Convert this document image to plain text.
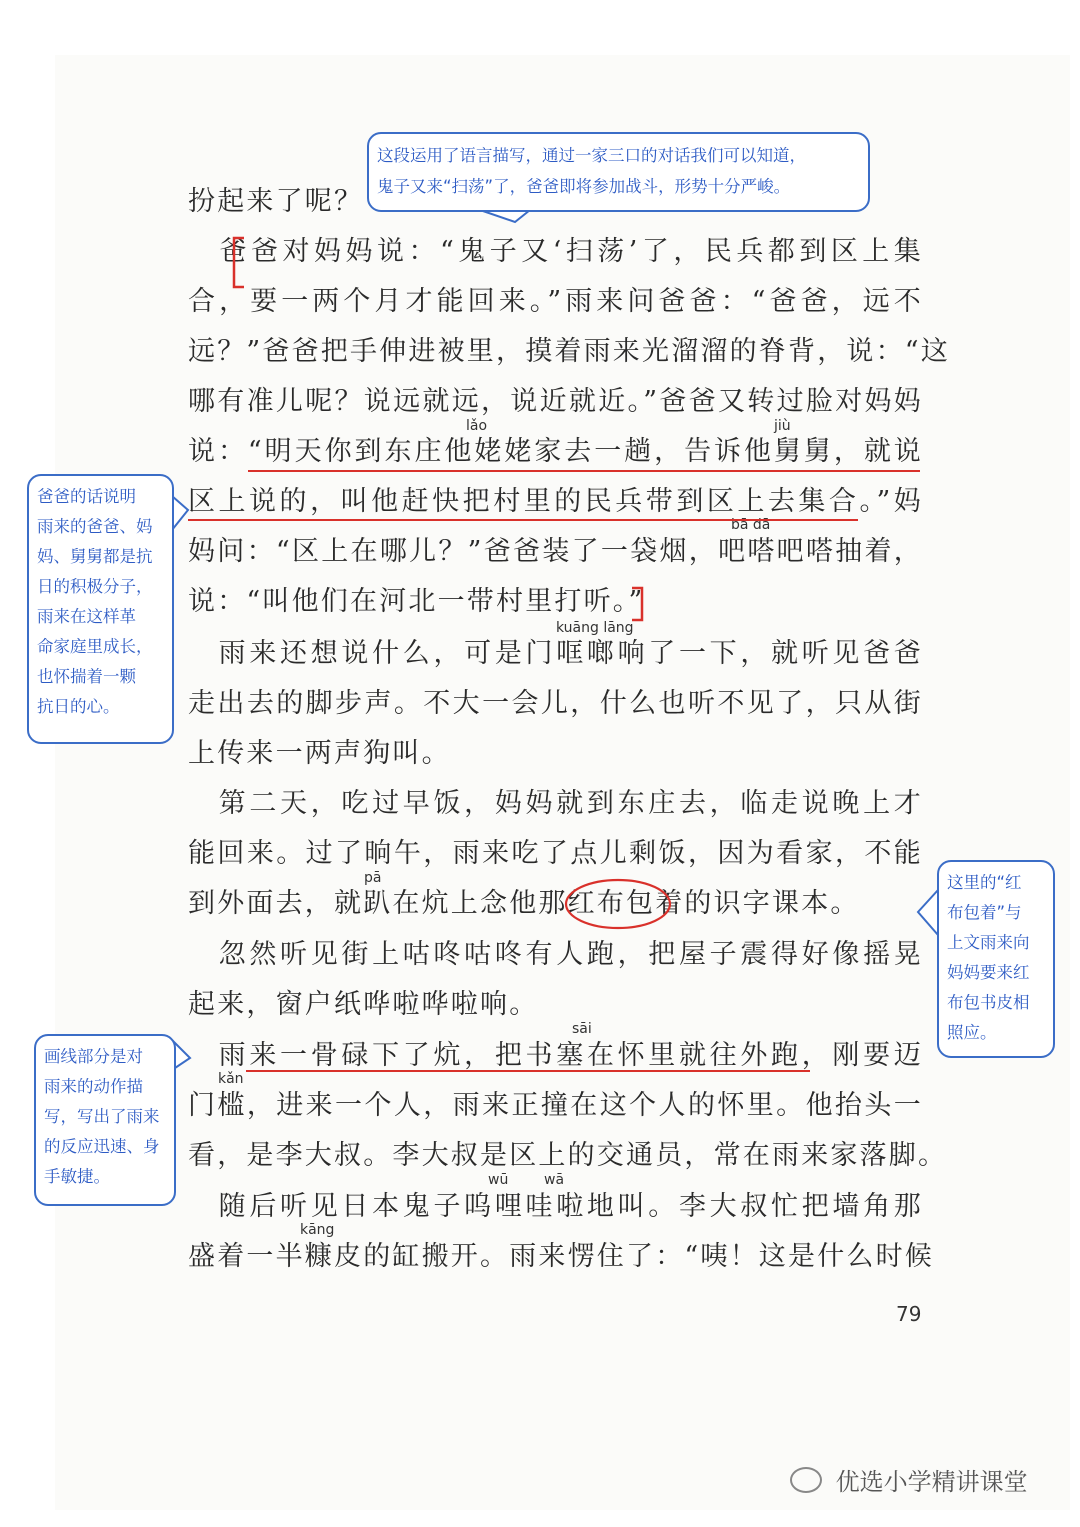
扮起来了呢？
　爸爸对妈妈说：“鬼子又‘扫荡’了，民兵都到区上集
合，要一两个月才能回来。”雨来问爸爸：“爸爸，远不
远？”爸爸把手伸进被里，摸着雨来光溜溜的脊背，说：“这
哪有准儿呢？说远就远，说近就近。”爸爸又转过脸对妈妈
说：“明天你到东庄他姥姥家去一趟，告诉他舅舅，就说
区上说的，叫他赶快把村里的民兵带到区上去集合。”妈
妈问：“区上在哪儿？”爸爸装了一袋烟，吧嗒吧嗒抽着，
说：“叫他们在河北一带村里打听。”
　雨来还想说什么，可是门哐啷响了一下，就听见爸爸
走出去的脚步声。不大一会儿，什么也听不见了，只从街
上传来一两声狗叫。
　第二天，吃过早饭，妈妈就到东庄去，临走说晚上才
能回来。过了晌午，雨来吃了点儿剩饭，因为看家，不能
到外面去，就趴在炕上念他那红布包着的识字课本。
　忽然听见街上咕咚咕咚有人跑，把屋子震得好像摇晃
起来，窗户纸哗啦哗啦响。
　雨来一骨碌下了炕，把书塞在怀里就往外跑，刚要迈
门槛，进来一个人，雨来正撞在这个人的怀里。他抬头一
看，是李大叔。李大叔是区上的交通员，常在雨来家落脚。
　随后听见日本鬼子呜哩哇啦地叫。李大叔忙把墙角那
盛着一半糠皮的缸搬开。雨来愣住了：“咦！这是什么时候
lǎo	jiù
bā dā
kuāng lāng
pā
sāi
kǎn
wū	wā
kāng
这段运用了语言描写，通过一家三口的对话我们可以知道，
鬼子又来“扫荡”了，爸爸即将参加战斗，形势十分严峻。
爸爸的话说明
雨来的爸爸、妈
妈、舅舅都是抗
日的积极分子，
雨来在这样革
命家庭里成长，
也怀揣着一颗
抗日的心。
这里的“红
布包着”与
上文雨来向
妈妈要来红
布包书皮相
照应。
画线部分是对
雨来的动作描
写，写出了雨来
的反应迅速、身
手敏捷。
79
优选小学精讲课堂
